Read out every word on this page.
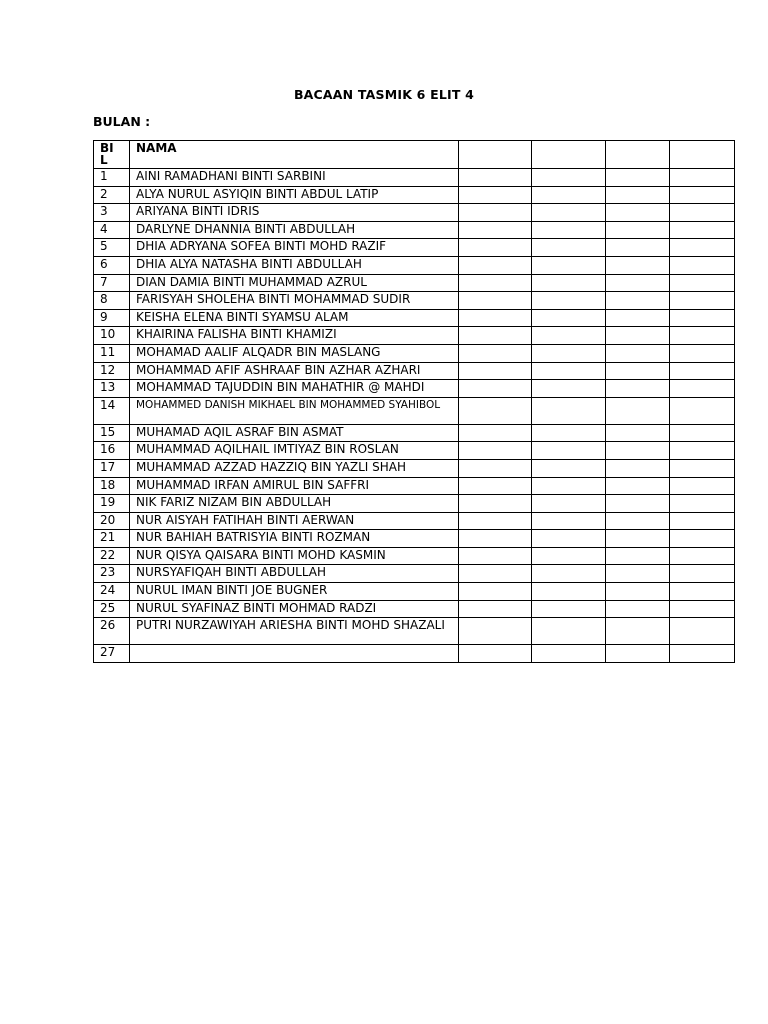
BACAAN TASMIK 6 ELIT 4
BULAN :
BIL	NAMA				
1	AINI RAMADHANI BINTI SARBINI				
2	ALYA NURUL ASYIQIN BINTI ABDUL LATIP				
3	ARIYANA BINTI IDRIS				
4	DARLYNE DHANNIA BINTI ABDULLAH				
5	DHIA ADRYANA SOFEA BINTI MOHD RAZIF				
6	DHIA ALYA NATASHA BINTI ABDULLAH				
7	DIAN DAMIA BINTI MUHAMMAD AZRUL				
8	FARISYAH SHOLEHA BINTI MOHAMMAD SUDIR				
9	KEISHA ELENA BINTI SYAMSU ALAM				
10	KHAIRINA FALISHA BINTI KHAMIZI				
11	MOHAMAD AALIF ALQADR BIN MASLANG				
12	MOHAMMAD AFIF ASHRAAF BIN AZHAR AZHARI				
13	MOHAMMAD TAJUDDIN BIN MAHATHIR @ MAHDI				
14	MOHAMMED DANISH MIKHAEL BIN MOHAMMED SYAHIBOL				
15	MUHAMAD AQIL ASRAF BIN ASMAT				
16	MUHAMMAD AQILHAIL IMTIYAZ BIN ROSLAN				
17	MUHAMMAD AZZAD HAZZIQ BIN YAZLI SHAH				
18	MUHAMMAD IRFAN AMIRUL BIN SAFFRI				
19	NIK FARIZ NIZAM BIN ABDULLAH				
20	NUR AISYAH FATIHAH BINTI AERWAN				
21	NUR BAHIAH BATRISYIA BINTI ROZMAN				
22	NUR QISYA QAISARA BINTI MOHD KASMIN				
23	NURSYAFIQAH BINTI ABDULLAH				
24	NURUL IMAN BINTI JOE BUGNER				
25	NURUL SYAFINAZ BINTI MOHMAD RADZI				
26	PUTRI NURZAWIYAH ARIESHA BINTI MOHD SHAZALI				
27					
